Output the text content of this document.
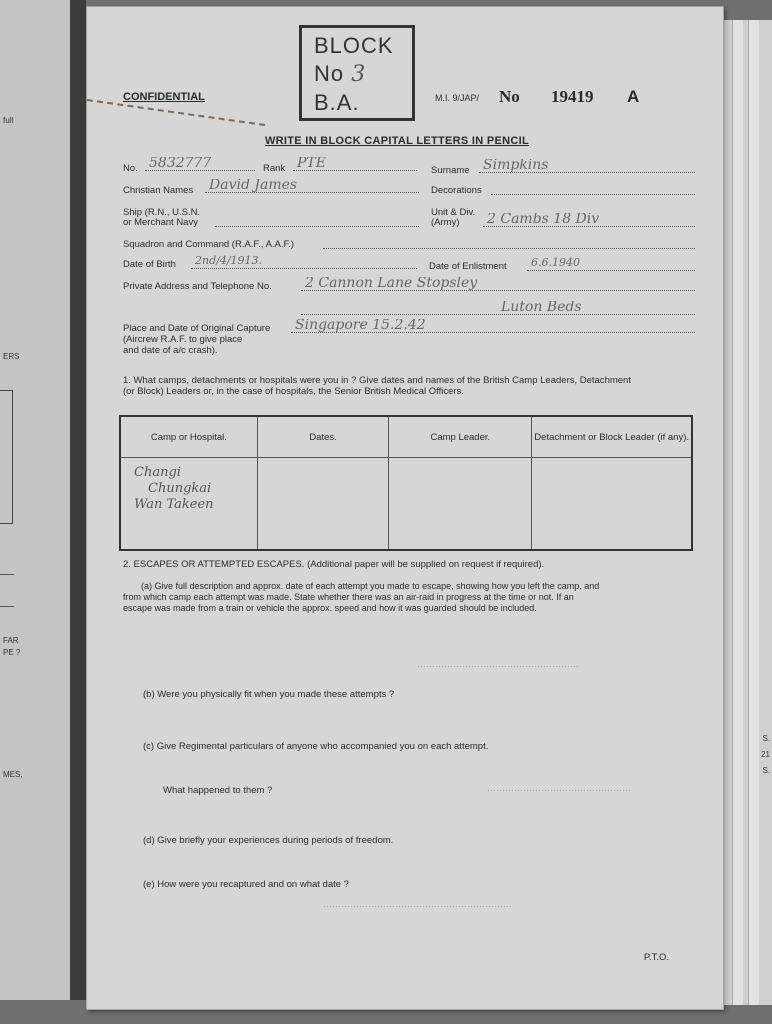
full
ERS
FAR
PE ?
MES,
S.
21
S.
BLOCK
No 3
B.A.
CONFIDENTIAL	M.I. 9/JAP/ No 19419 A
WRITE IN BLOCK CAPITAL LETTERS IN PENCIL
No. 5832777	Rank PTE	Surname Simpkins
Christian Names David James	Decorations
Ship (R.N., U.S.N.
or Merchant Navy
Unit & Div.
(Army) 2 Cambs 18 Div
Squadron and Command (R.A.F., A.A.F.)
Date of Birth	2nd/4/1913.	Date of Enlistment	6.6.1940
Private Address and Telephone No. 2 Cannon Lane Stopsley
Luton Beds
Place and Date of Original Capture
(Aircrew R.A.F. to give place
and date of a/c crash).
Singapore 15.2.42
1. What camps, detachments or hospitals were you in ? Give dates and names of the British Camp Leaders, Detachment
(or Block) Leaders or, in the case of hospitals, the Senior British Medical Officers.
Camp or Hospital.	Dates.	Camp Leader.	Detachment or Block Leader (if any).

Changi
Chungkai
Wan Takeen			

2. ESCAPES OR ATTEMPTED ESCAPES. (Additional paper will be supplied on request if required).
(a) Give full description and approx. date of each attempt you made to escape, showing how you left the camp, and
from which camp each attempt was made. State whether there was an air-raid in progress at the time or not. If an
escape was made from a train or vehicle the approx. speed and how it was guarded should be included.
………………………………………………
(b) Were you physically fit when you made these attempts ?
(c) Give Regimental particulars of anyone who accompanied you on each attempt.
…………………………………………
What happened to them ?
(d) Give briefly your experiences during periods of freedom.
(e) How were you recaptured and on what date ?
………………………………………………………
P.T.O.
